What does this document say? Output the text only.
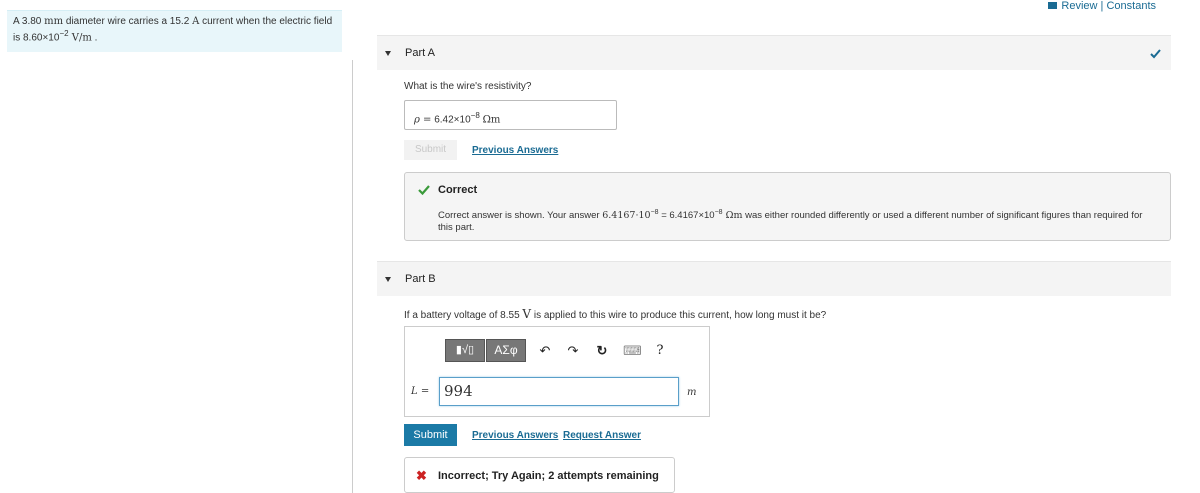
Review | Constants
A 3.80 mm diameter wire carries a 15.2 A current when the electric field is $8.60\times 10^{-2}$ V/m .
Part A
What is the wire's resistivity?
$\rho = 6.42\times 10^{-8}$ Ωm
Submit	Previous Answers
Correct
Correct answer is shown. Your answer $6.4167\cdot 10^{-8} = 6.4167\times 10^{-8}$ Ωm was either rounded differently or used a different number of significant figures than required for this part.
Part B
If a battery voltage of 8.55 V is applied to this wire to produce this current, how long must it be?
▮√▯	ΑΣφ	↶ ↷ ↻ ⌨	?
L = 994	m
Submit	Previous Answers Request Answer
✖ Incorrect; Try Again; 2 attempts remaining
